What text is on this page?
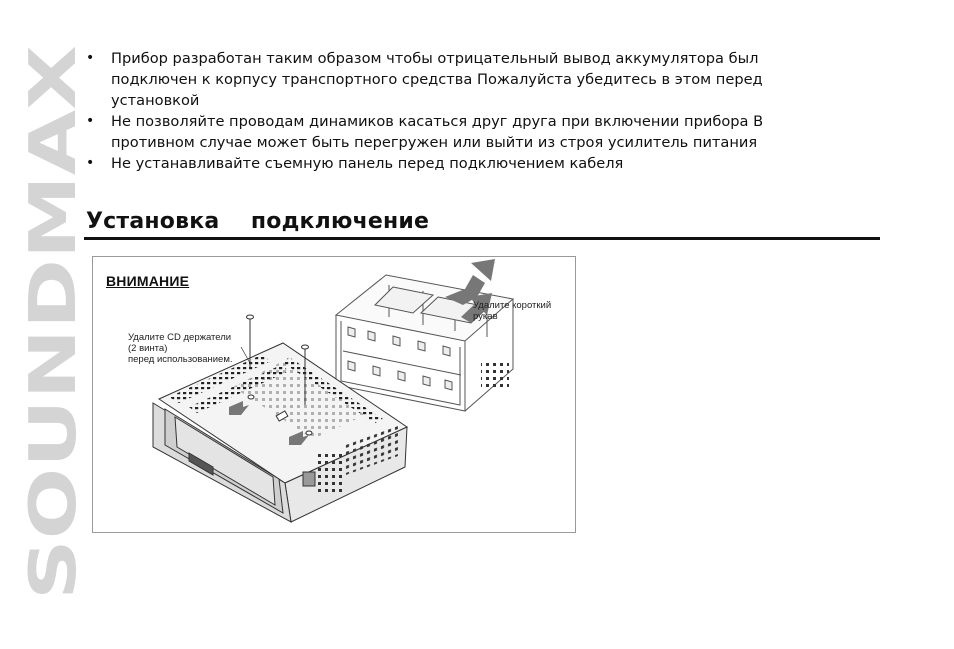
SOUNDMAX
• Прибор разработан таким образом чтобы отрицательный вывод аккумулятора был
подключен к корпусу транспортного средства Пожалуйста убедитесь в этом перед
установкой
• Не позволяйте проводам динамиков касаться друг друга при включении прибора В
противном случае может быть перегружен или выйти из строя усилитель питания
• Не устанавливайте съемную панель перед подключением кабеля
Установка    подключение
ВНИМАНИЕ
Удалите CD держатели
(2 винта)
перед использованием.
Удалите короткий
рукав
